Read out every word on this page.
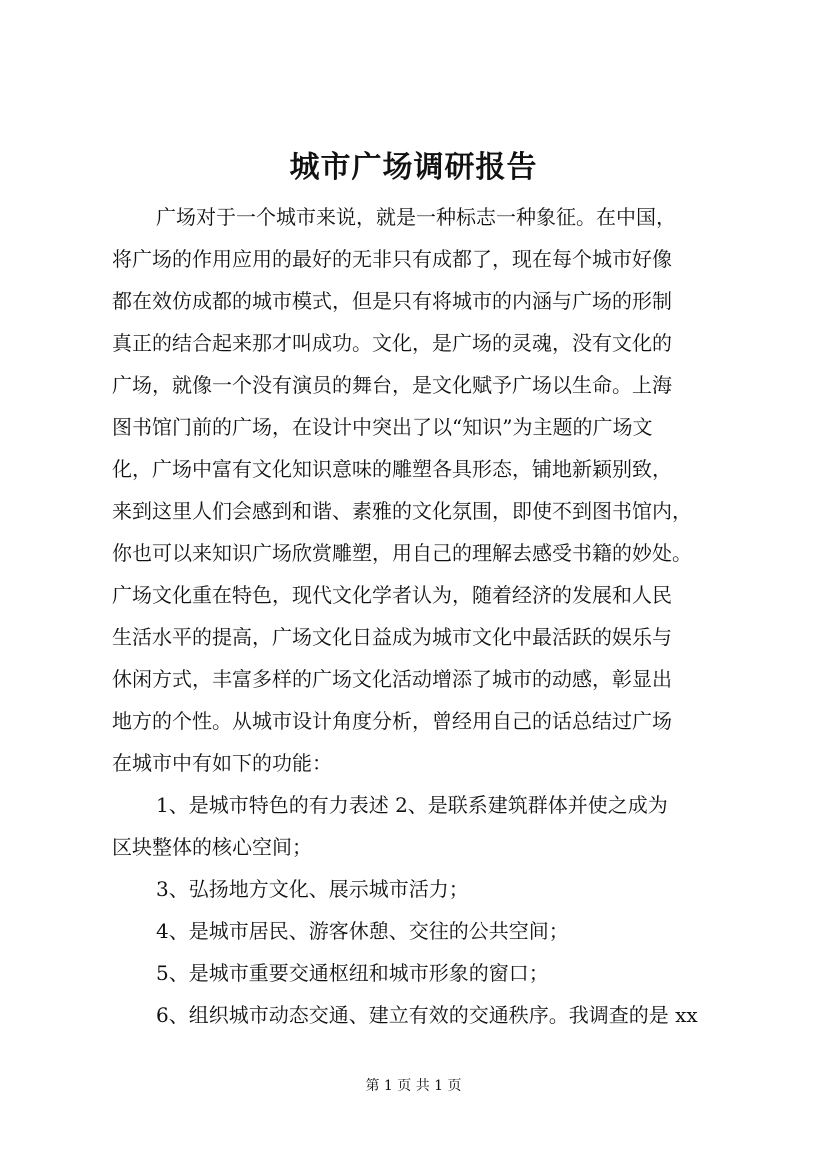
城市广场调研报告
广场对于一个城市来说，就是一种标志一种象征。在中国，
将广场的作用应用的最好的无非只有成都了，现在每个城市好像
都在效仿成都的城市模式，但是只有将城市的内涵与广场的形制
真正的结合起来那才叫成功。文化，是广场的灵魂，没有文化的
广场，就像一个没有演员的舞台，是文化赋予广场以生命。上海
图书馆门前的广场，在设计中突出了以“知识”为主题的广场文
化，广场中富有文化知识意味的雕塑各具形态，铺地新颖别致，
来到这里人们会感到和谐、素雅的文化氛围，即使不到图书馆内，
你也可以来知识广场欣赏雕塑，用自己的理解去感受书籍的妙处。
广场文化重在特色，现代文化学者认为，随着经济的发展和人民
生活水平的提高，广场文化日益成为城市文化中最活跃的娱乐与
休闲方式，丰富多样的广场文化活动增添了城市的动感，彰显出
地方的个性。从城市设计角度分析，曾经用自己的话总结过广场
在城市中有如下的功能：
1、是城市特色的有力表述 2、是联系建筑群体并使之成为
区块整体的核心空间；
3、弘扬地方文化、展示城市活力；
4、是城市居民、游客休憩、交往的公共空间；
5、是城市重要交通枢纽和城市形象的窗口；
6、组织城市动态交通、建立有效的交通秩序。我调查的是 xx
第 1 页 共 1 页
